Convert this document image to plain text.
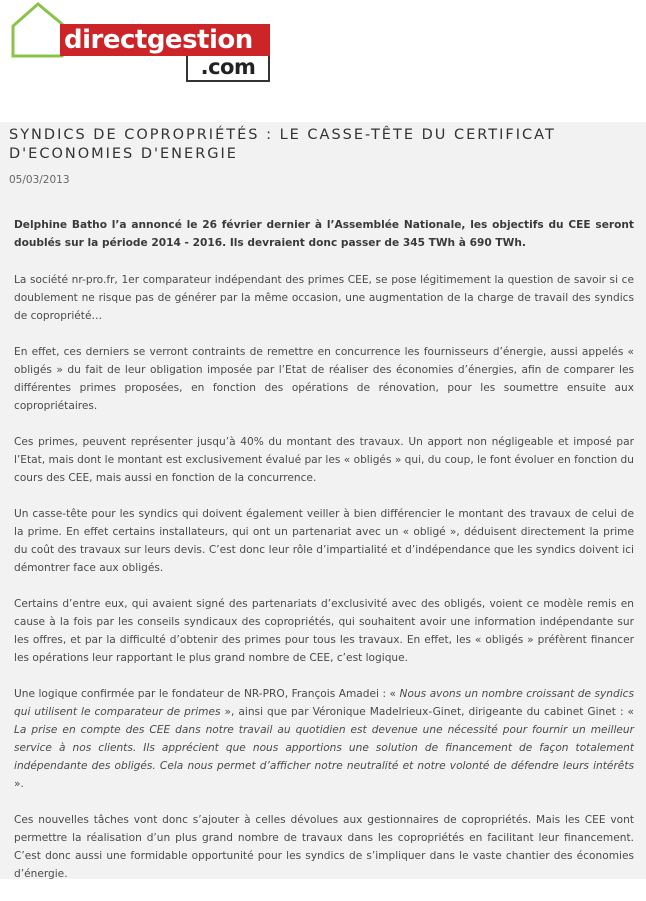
directgestion
.com
SYNDICS DE COPROPRIÉTÉS : LE CASSE-TÊTE DU CERTIFICAT
D'ECONOMIES D'ENERGIE
05/03/2013

Delphine Batho l’a annoncé le 26 février dernier à l’Assemblée Nationale, les objectifs du CEE seront doublés sur la période 2014 - 2016. Ils devraient donc passer de 345 TWh à 690 TWh.

La société nr-pro.fr, 1er comparateur indépendant des primes CEE, se pose légitimement la question de savoir si ce doublement ne risque pas de générer par la même occasion, une augmentation de la charge de travail des syndics de copropriété…

En effet, ces derniers se verront contraints de remettre en concurrence les fournisseurs d’énergie, aussi appelés « obligés » du fait de leur obligation imposée par l’Etat de réaliser des économies d’énergies, afin de comparer les différentes primes proposées, en fonction des opérations de rénovation, pour les soumettre ensuite aux copropriétaires.

Ces primes, peuvent représenter jusqu’à 40% du montant des travaux. Un apport non négligeable et imposé par l’Etat, mais dont le montant est exclusivement évalué par les « obligés » qui, du coup, le font évoluer en fonction du cours des CEE, mais aussi en fonction de la concurrence.

Un casse-tête pour les syndics qui doivent également veiller à bien différencier le montant des travaux de celui de la prime. En effet certains installateurs, qui ont un partenariat avec un « obligé », déduisent directement la prime du coût des travaux sur leurs devis. C’est donc leur rôle d’impartialité et d’indépendance que les syndics doivent ici démontrer face aux obligés.

Certains d’entre eux, qui avaient signé des partenariats d’exclusivité avec des obligés, voient ce modèle remis en cause à la fois par les conseils syndicaux des copropriétés, qui souhaitent avoir une information indépendante sur les offres, et par la difficulté d’obtenir des primes pour tous les travaux. En effet, les « obligés » préfèrent financer les opérations leur rapportant le plus grand nombre de CEE, c’est logique.

Une logique confirmée par le fondateur de NR-PRO, François Amadei : « Nous avons un nombre croissant de syndics qui utilisent le comparateur de primes », ainsi que par Véronique Madelrieux-Ginet, dirigeante du cabinet Ginet : « La prise en compte des CEE dans notre travail au quotidien est devenue une nécessité pour fournir un meilleur service à nos clients. Ils apprécient que nous apportions une solution de financement de façon totalement indépendante des obligés. Cela nous permet d’afficher notre neutralité et notre volonté de défendre leurs intérêts ».

Ces nouvelles tâches vont donc s’ajouter à celles dévolues aux gestionnaires de copropriétés. Mais les CEE vont permettre la réalisation d’un plus grand nombre de travaux dans les copropriétés en facilitant leur financement. C’est donc aussi une formidable opportunité pour les syndics de s’impliquer dans le vaste chantier des économies d’énergie.
